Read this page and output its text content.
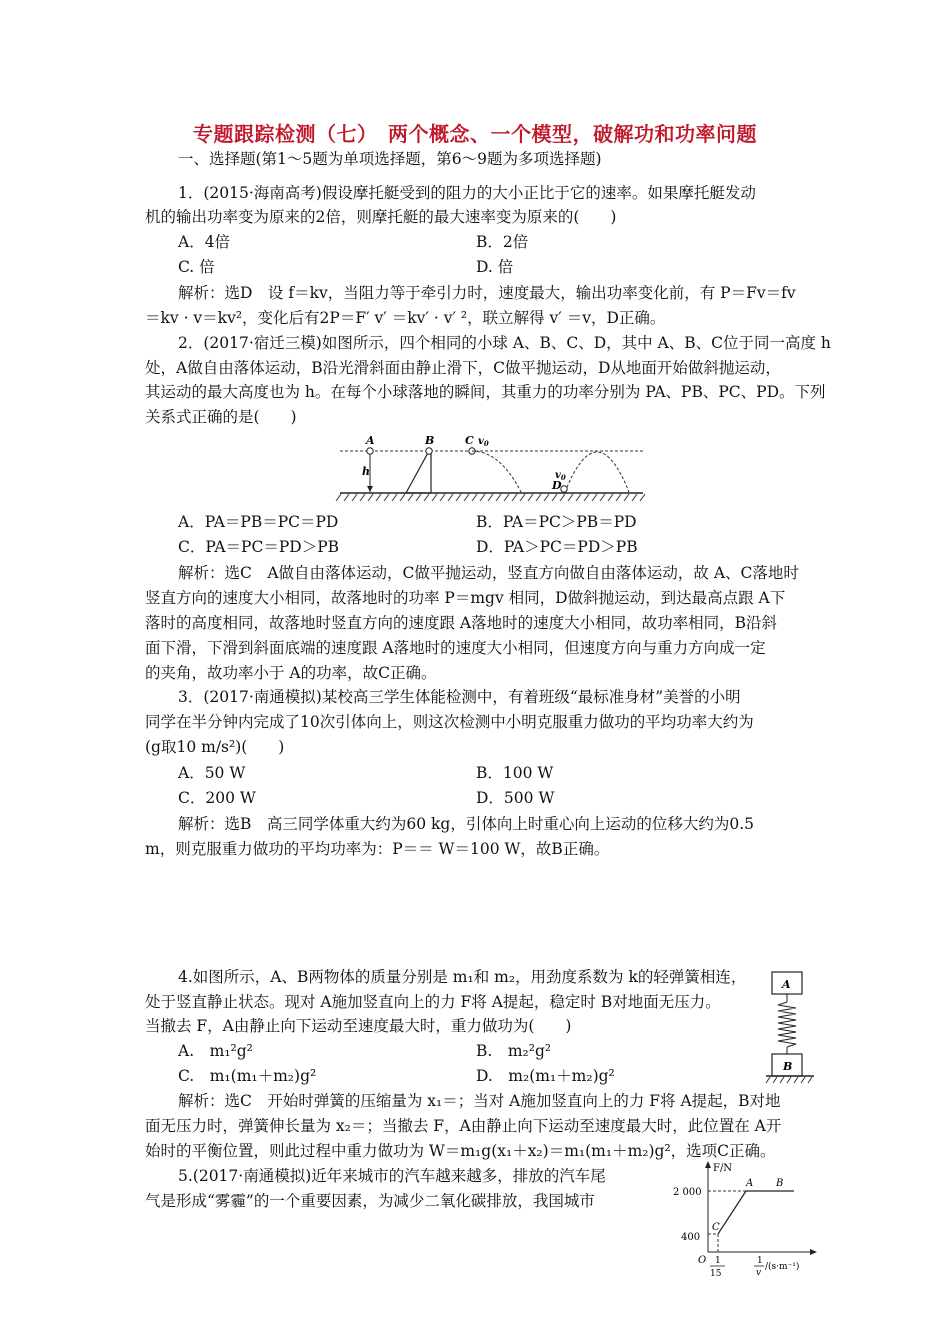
专题跟踪检测（七）　两个概念、一个模型，破解功和功率问题
一、选择题(第1～5题为单项选择题，第6～9题为多项选择题)
1．(2015·海南高考)假设摩托艇受到的阻力的大小正比于它的速率。如果摩托艇发动
机的输出功率变为原来的2倍，则摩托艇的最大速率变为原来的(　　)
A．4倍	B．2倍
C. 倍	D. 倍
解析：选D　设 f＝kv，当阻力等于牵引力时，速度最大，输出功率变化前，有 P＝Fv＝fv
＝kv · v＝kv²，变化后有2P＝F′ v′ ＝kv′ · v′ ²，联立解得 v′ ＝v，D正确。
2．(2017·宿迁三模)如图所示，四个相同的小球 A、B、C、D，其中 A、B、C位于同一高度 h
处，A做自由落体运动，B沿光滑斜面由静止滑下，C做平抛运动，D从地面开始做斜抛运动，
其运动的最大高度也为 h。在每个小球落地的瞬间，其重力的功率分别为 PA、PB、PC、PD。下列
关系式正确的是(　　)
h
A	B	C $v_0$
D
$v_0$
A．PA＝PB＝PC＝PD	B．PA＝PC＞PB＝PD
C．PA＝PC＝PD＞PB	D．PA＞PC＝PD＞PB
解析：选C　A做自由落体运动，C做平抛运动，竖直方向做自由落体运动，故 A、C落地时
竖直方向的速度大小相同，故落地时的功率 P＝mgv 相同，D做斜抛运动，到达最高点跟 A下
落时的高度相同，故落地时竖直方向的速度跟 A落地时的速度大小相同，故功率相同，B沿斜
面下滑，下滑到斜面底端的速度跟 A落地时的速度大小相同，但速度方向与重力方向成一定
的夹角，故功率小于 A的功率，故C正确。
3．(2017·南通模拟)某校高三学生体能检测中，有着班级“最标准身材”美誉的小明
同学在半分钟内完成了10次引体向上，则这次检测中小明克服重力做功的平均功率大约为
(g取10 m/s²)(　　)
A．50 W	B．100 W
C．200 W	D．500 W
解析：选B　高三同学体重大约为60 kg，引体向上时重心向上运动的位移大约为0.5
m，则克服重力做功的平均功率为：P＝＝ W＝100 W，故B正确。
4.如图所示，A、B两物体的质量分别是 m₁和 m₂，用劲度系数为 k的轻弹簧相连，
处于竖直静止状态。现对 A施加竖直向上的力 F将 A提起，稳定时 B对地面无压力。
当撤去 F，A由静止向下运动至速度最大时，重力做功为(　　)
A.　m₁²g²	B.　m₂²g²
C.　m₁(m₁＋m₂)g²	D.　m₂(m₁＋m₂)g²
A
B
解析：选C　开始时弹簧的压缩量为 x₁＝；当对 A施加竖直向上的力 F将 A提起，B对地
面无压力时，弹簧伸长量为 x₂＝；当撤去 F，A由静止向下运动至速度最大时，此位置在 A开
始时的平衡位置，则此过程中重力做功为 W＝m₁g(x₁＋x₂)＝m₁(m₁＋m₂)g²，选项C正确。
5.(2017·南通模拟)近年来城市的汽车越来越多，排放的汽车尾
气是形成“雾霾”的一个重要因素，为减少二氧化碳排放，我国城市
F/N
2 000
400
O
A B
C
1
15
1
v
/(s·m⁻¹)
